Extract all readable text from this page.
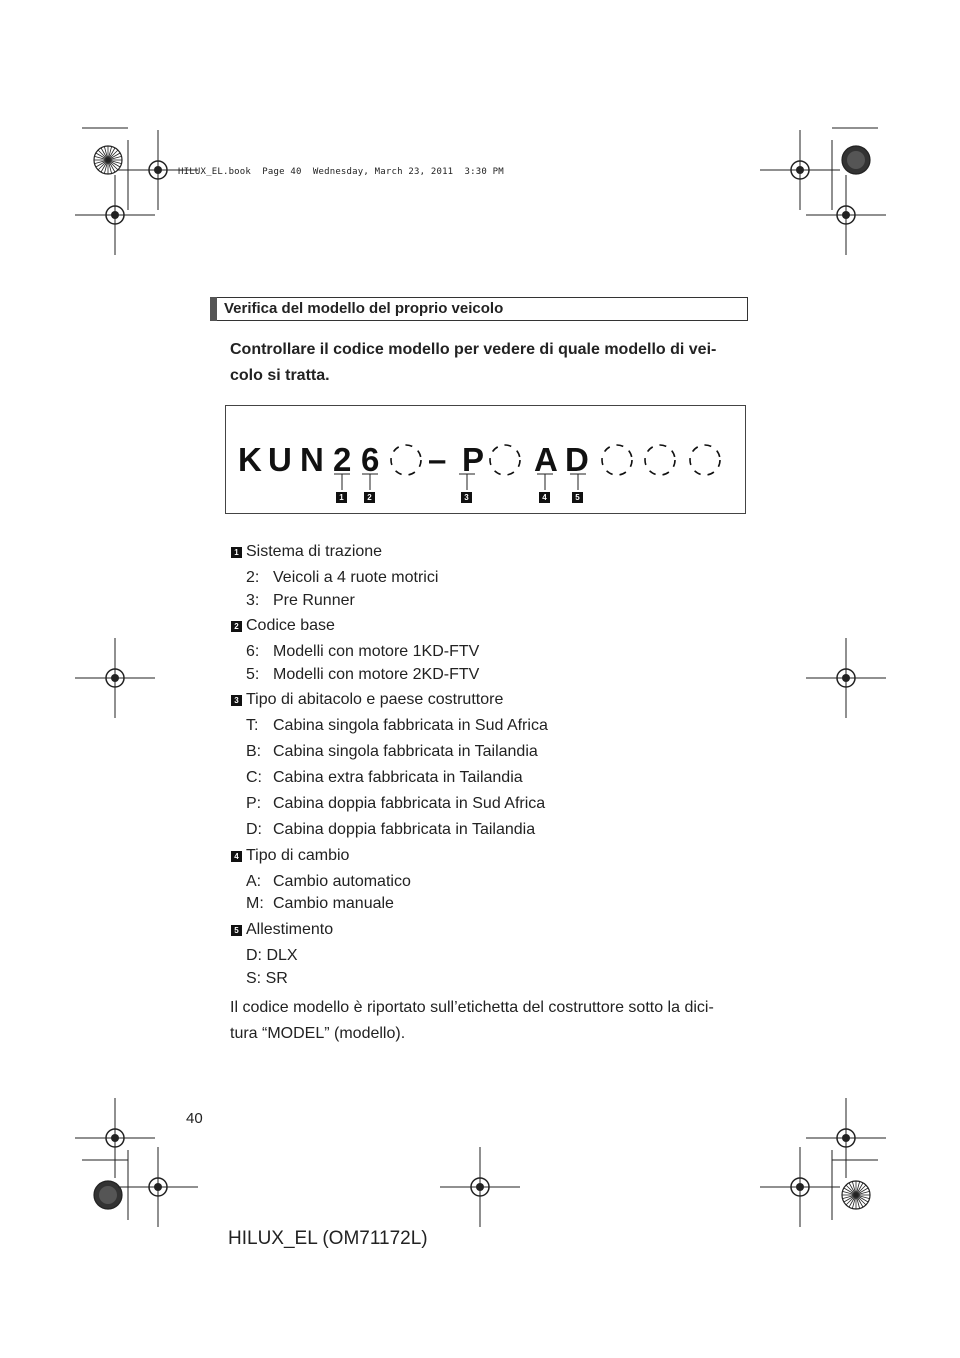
HILUX_EL.book  Page 40  Wednesday, March 23, 2011  3:30 PM
Verifica del modello del proprio veicolo
Controllare il codice modello per vedere di quale modello di vei-
colo si tratta.
K U N 2 6 – P A D
1	2	3	4	5
1 Sistema di trazione
2: Veicoli a 4 ruote motrici
3: Pre Runner
2 Codice base
6: Modelli con motore 1KD-FTV
5: Modelli con motore 2KD-FTV
3 Tipo di abitacolo e paese costruttore
T: Cabina singola fabbricata in Sud Africa
B: Cabina singola fabbricata in Tailandia
C: Cabina extra fabbricata in Tailandia
P: Cabina doppia fabbricata in Sud Africa
D: Cabina doppia fabbricata in Tailandia
4 Tipo di cambio
A: Cambio automatico
M: Cambio manuale
5 Allestimento
D: DLX
S: SR
Il codice modello è riportato sull’etichetta del costruttore sotto la dici-
tura “MODEL” (modello).
40
HILUX_EL (OM71172L)
